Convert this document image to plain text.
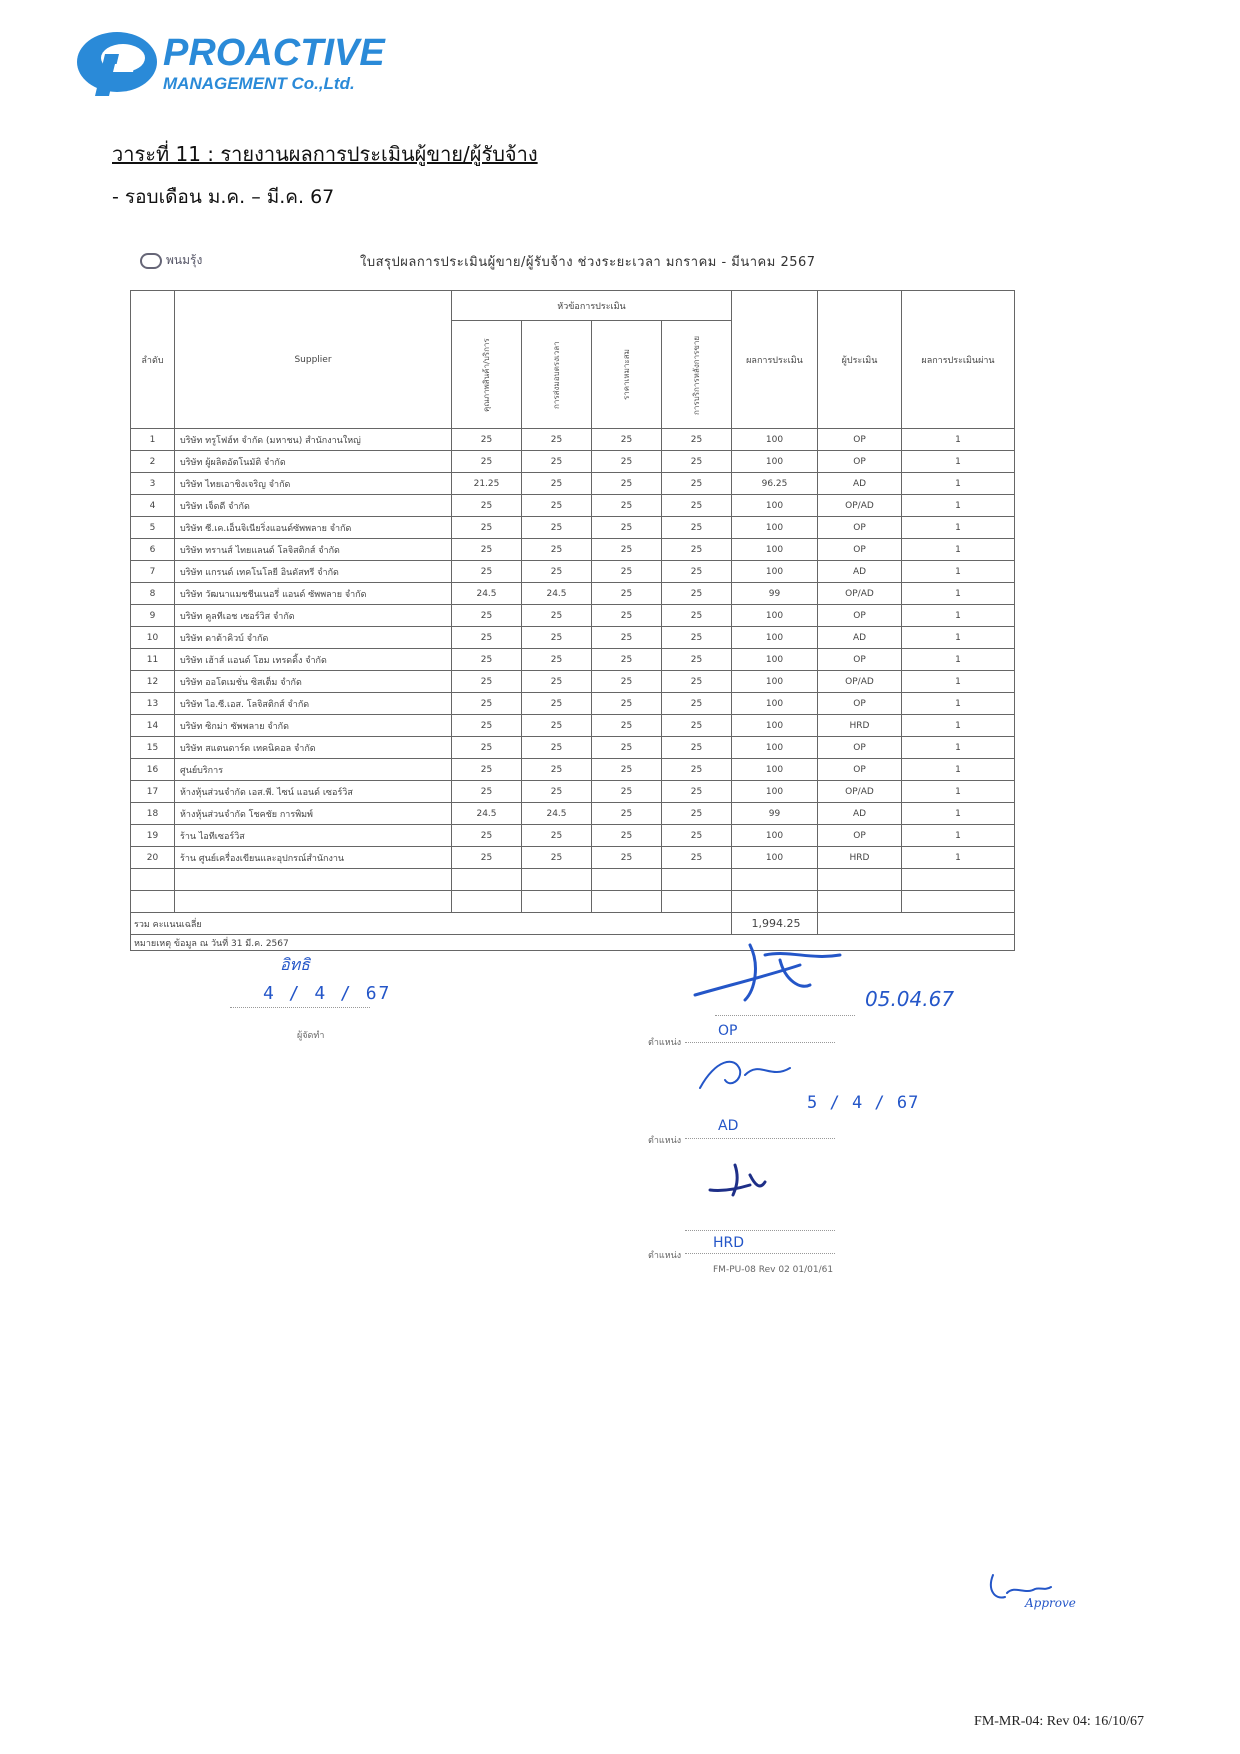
PROACTIVE
MANAGEMENT Co.,Ltd.
วาระที่ 11 : รายงานผลการประเมินผู้ขาย/ผู้รับจ้าง
- รอบเดือน ม.ค. – มี.ค. 67
พนมรุ้ง	ใบสรุปผลการประเมินผู้ขาย/ผู้รับจ้าง ช่วงระยะเวลา มกราคม - มีนาคม 2567
ลำดับ	Supplier	หัวข้อการประเมิน				ผลการประเมิน	ผู้ประเมิน	ผลการประเมินผ่าน

		คุณภาพสินค้า/บริการ	การส่งมอบตรงเวลา	ราคาเหมาะสม	การบริการหลังการขาย			

1	บริษัท ทรูโฟฮ์ท จำกัด (มหาชน) สำนักงานใหญ่	25	25	25	25	100	OP	1
2	บริษัท ผู้ผลิตอัตโนมัติ จำกัด	25	25	25	25	100	OP	1
3	บริษัท ไทยเอาชิงเจริญ จำกัด	21.25	25	25	25	96.25	AD	1
4	บริษัท เจ็ดดี จำกัด	25	25	25	25	100	OP/AD	1
5	บริษัท ซี.เค.เอ็นจิเนียริ่งแอนด์ซัพพลาย จำกัด	25	25	25	25	100	OP	1
6	บริษัท ทรานส์ ไทยแลนด์ โลจิสติกส์ จำกัด	25	25	25	25	100	OP	1
7	บริษัท แกรนด์ เทคโนโลยี อินดัสทรี จำกัด	25	25	25	25	100	AD	1
8	บริษัท วัฒนาแมชชีนเนอรี่ แอนด์ ซัพพลาย จำกัด	24.5	24.5	25	25	99	OP/AD	1
9	บริษัท คูลทีเอช เซอร์วิส จำกัด	25	25	25	25	100	OP	1
10	บริษัท ดาต้าคิวบ์ จำกัด	25	25	25	25	100	AD	1
11	บริษัท เฮ้าส์ แอนด์ โฮม เทรดดิ้ง จำกัด	25	25	25	25	100	OP	1
12	บริษัท ออโตเมชั่น ซิสเต็ม จำกัด	25	25	25	25	100	OP/AD	1
13	บริษัท ไอ.ซี.เอส. โลจิสติกส์ จำกัด	25	25	25	25	100	OP	1
14	บริษัท ซิกม่า ซัพพลาย จำกัด	25	25	25	25	100	HRD	1
15	บริษัท สแตนดาร์ด เทคนิคอล จำกัด	25	25	25	25	100	OP	1
16	ศูนย์บริการ	25	25	25	25	100	OP	1
17	ห้างหุ้นส่วนจำกัด เอส.พี. ไซน์ แอนด์ เซอร์วิส	25	25	25	25	100	OP/AD	1
18	ห้างหุ้นส่วนจำกัด โชคชัย การพิมพ์	24.5	24.5	25	25	99	AD	1
19	ร้าน ไอทีเซอร์วิส	25	25	25	25	100	OP	1
20	ร้าน ศูนย์เครื่องเขียนและอุปกรณ์สำนักงาน	25	25	25	25	100	HRD	1

รวม คะแนนเฉลี่ย						1,994.25		
หมายเหตุ ข้อมูล ณ วันที่ 31 มี.ค. 2567								
อิทธิ
4 / 4 / 67
ผู้จัดทำ
05.04.67
ตำแหน่ง
OP
5 / 4 / 67
ตำแหน่ง
AD
ตำแหน่ง
HRD
FM-PU-08 Rev 02 01/01/61
Approve
FM-MR-04: Rev 04: 16/10/67
